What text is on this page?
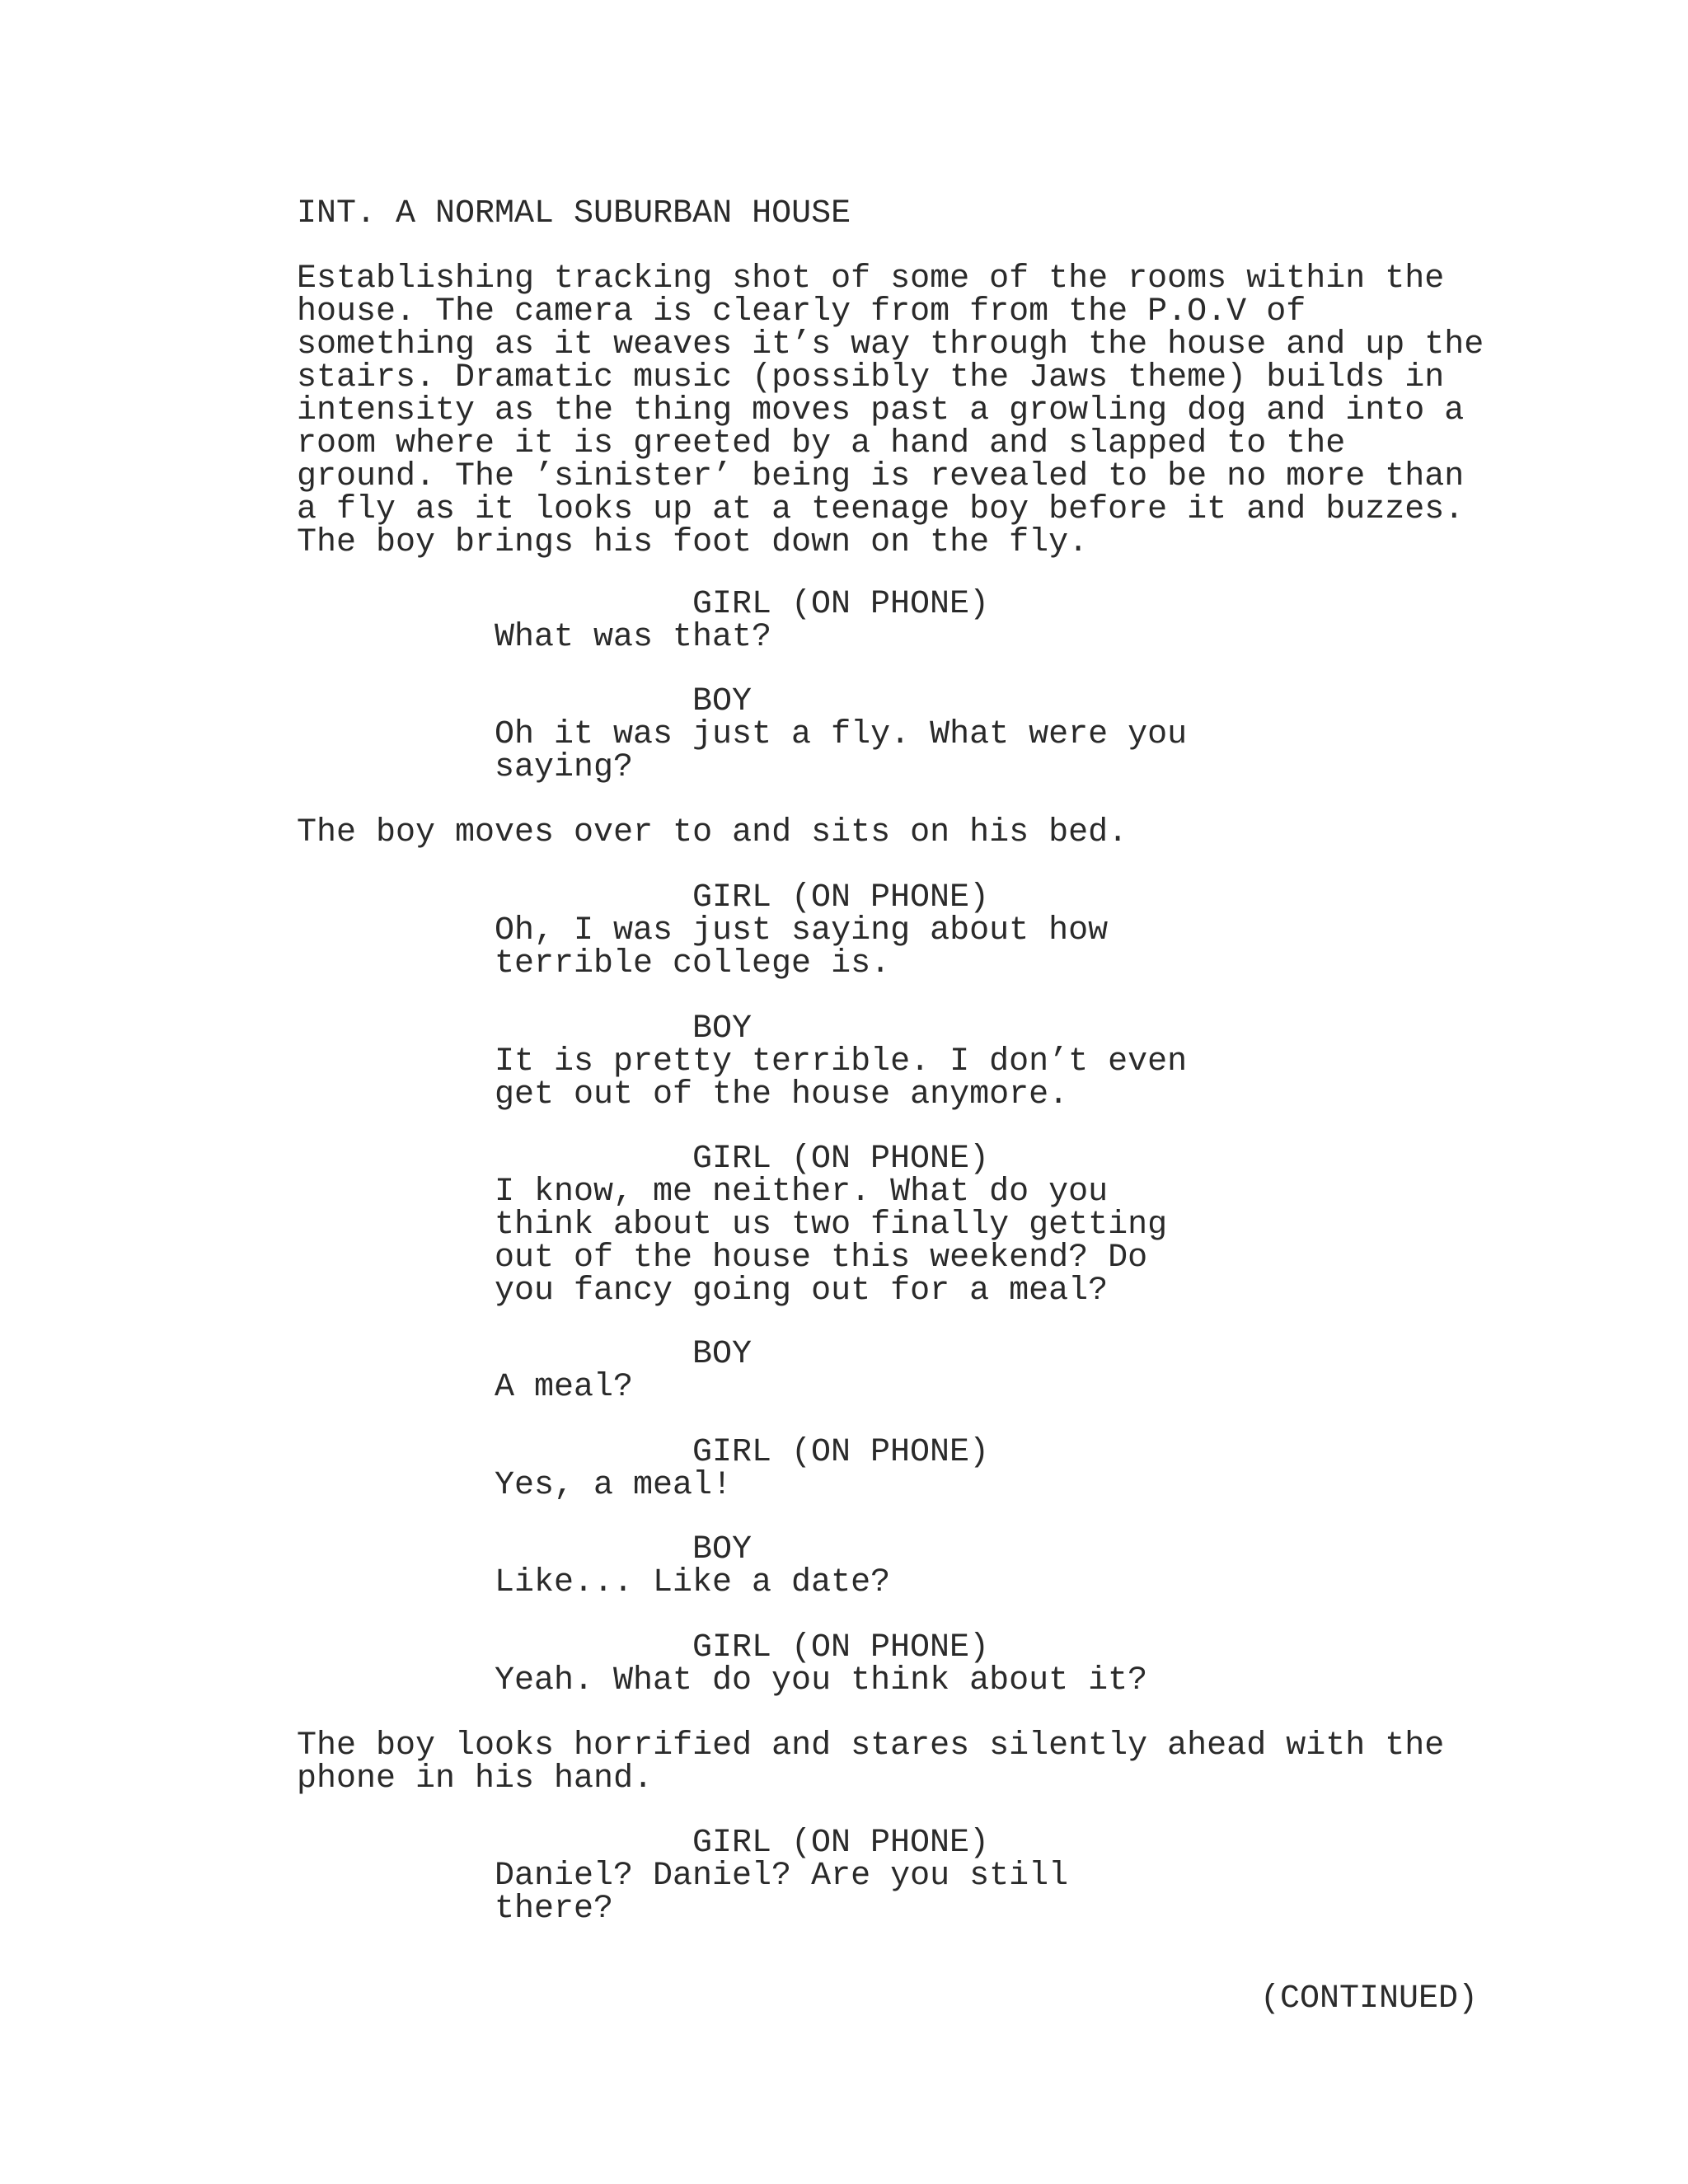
INT. A NORMAL SUBURBAN HOUSE
Establishing tracking shot of some of the rooms within the
house. The camera is clearly from from the P.O.V of
something as it weaves it’s way through the house and up the
stairs. Dramatic music (possibly the Jaws theme) builds in
intensity as the thing moves past a growling dog and into a
room where it is greeted by a hand and slapped to the
ground. The ’sinister’ being is revealed to be no more than
a fly as it looks up at a teenage boy before it and buzzes.
The boy brings his foot down on the fly.
GIRL (ON PHONE)
What was that?
BOY
Oh it was just a fly. What were you
saying?
The boy moves over to and sits on his bed.
GIRL (ON PHONE)
Oh, I was just saying about how
terrible college is.
BOY
It is pretty terrible. I don’t even
get out of the house anymore.
GIRL (ON PHONE)
I know, me neither. What do you
think about us two finally getting
out of the house this weekend? Do
you fancy going out for a meal?
BOY
A meal?
GIRL (ON PHONE)
Yes, a meal!
BOY
Like... Like a date?
GIRL (ON PHONE)
Yeah. What do you think about it?
The boy looks horrified and stares silently ahead with the
phone in his hand.
GIRL (ON PHONE)
Daniel? Daniel? Are you still
there?
(CONTINUED)
